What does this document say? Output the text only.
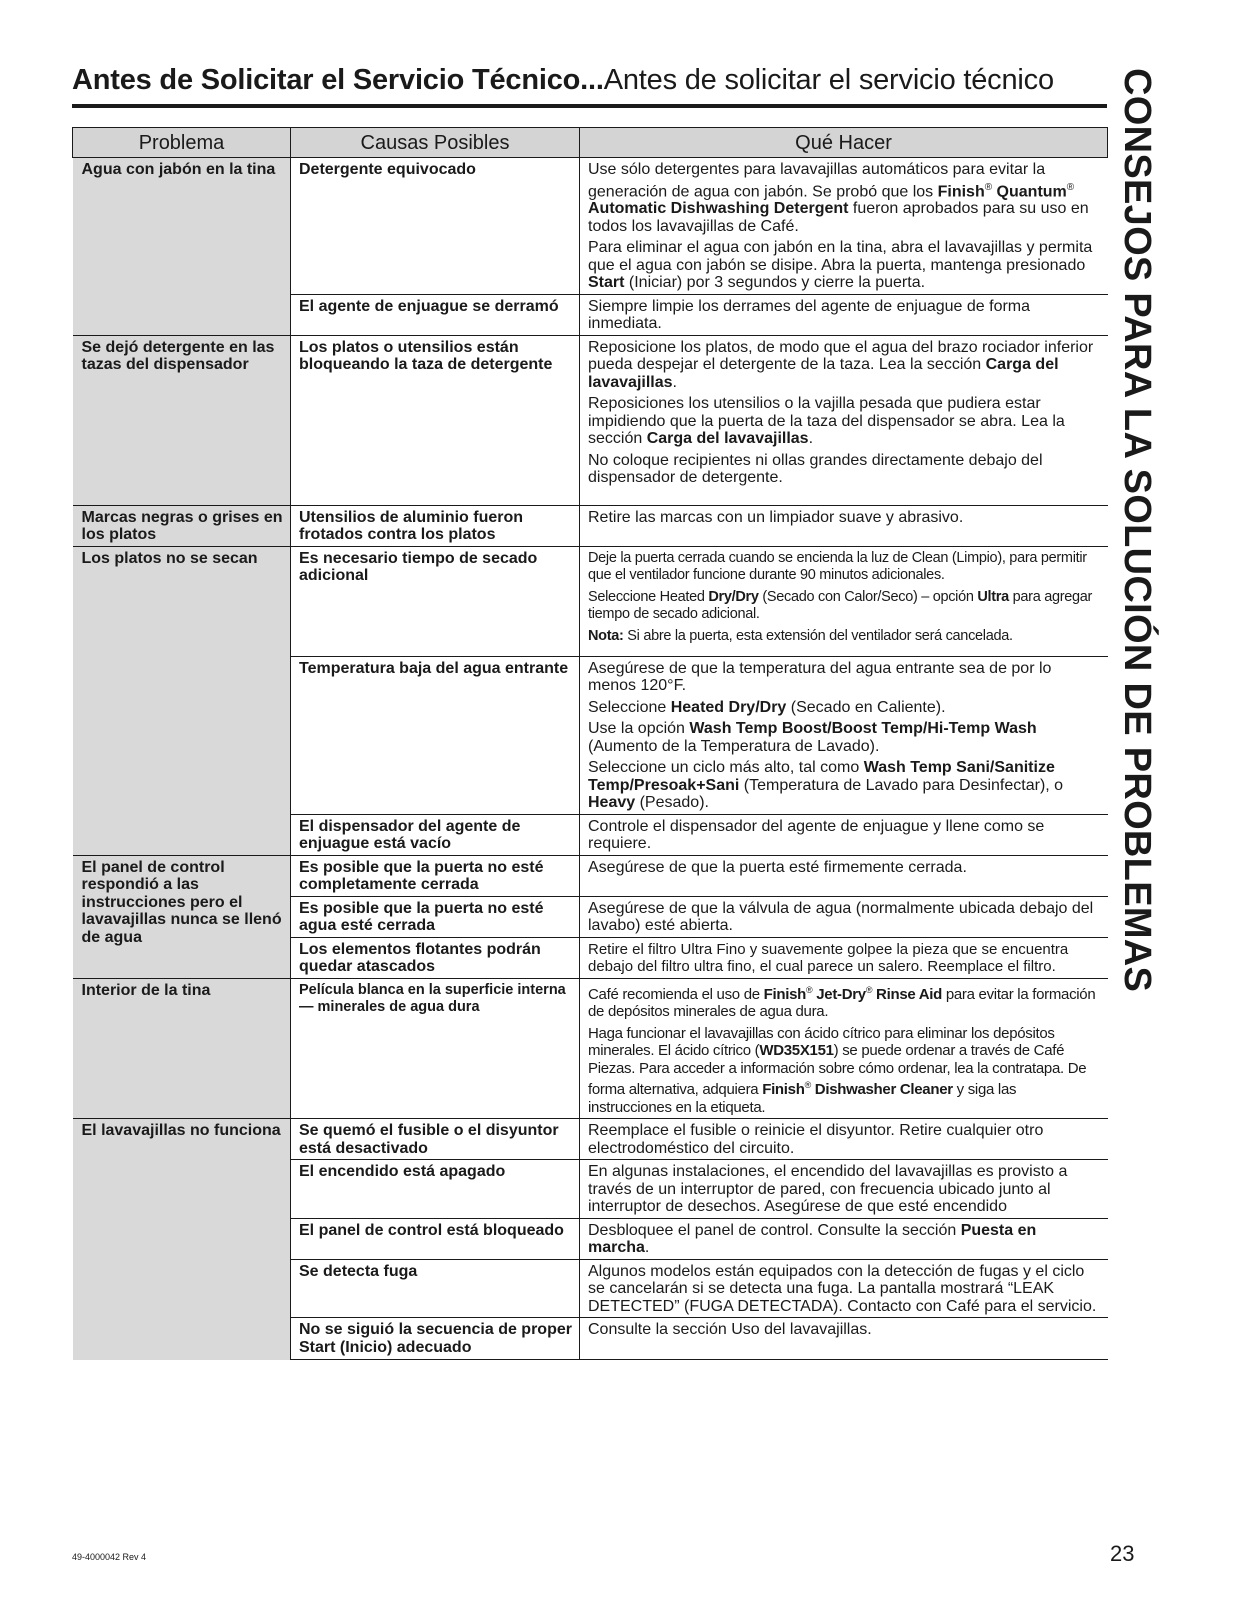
Antes de Solicitar el Servicio Técnico...Antes de solicitar el servicio técnico	CONSEJOS PARA LA SOLUCIÓN DE PROBLEMAS
Problema	Causas Posibles	Qué Hacer
Agua con jabón en la tina	Detergente equivocado	Use sólo detergentes para lavavajillas automáticos para evitar la generación de agua con jabón. Se probó que los Finish® Quantum® Automatic Dishwashing Detergent fueron aprobados para su uso en todos los lavavajillas de Café.

Para eliminar el agua con jabón en la tina, abra el lavavajillas y permita que el agua con jabón se disipe. Abra la puerta, mantenga presionado Start (Iniciar) por 3 segundos y cierre la puerta.

	El agente de enjuague se derramó	Siempre limpie los derrames del agente de enjuague de forma inmediata.
Se dejó detergente en las tazas del dispensador	Los platos o utensilios están bloqueando la taza de detergente	Reposicione los platos, de modo que el agua del brazo rociador inferior pueda despejar el detergente de la taza. Lea la sección Carga del lavavajillas.

Reposiciones los utensilios o la vajilla pesada que pudiera estar impidiendo que la puerta de la taza del dispensador se abra. Lea la sección Carga del lavavajillas.

No coloque recipientes ni ollas grandes directamente debajo del dispensador de detergente.

Marcas negras o grises en los platos	Utensilios de aluminio fueron frotados contra los platos	Retire las marcas con un limpiador suave y abrasivo.
Los platos no se secan	Es necesario tiempo de secado adicional	Deje la puerta cerrada cuando se encienda la luz de Clean (Limpio), para permitir que el ventilador funcione durante 90 minutos adicionales.

Seleccione Heated Dry/Dry (Secado con Calor/Seco) – opción Ultra para agregar tiempo de secado adicional.

Nota: Si abre la puerta, esta extensión del ventilador será cancelada.

	Temperatura baja del agua entrante	Asegúrese de que la temperatura del agua entrante sea de por lo menos 120°F.

Seleccione Heated Dry/Dry (Secado en Caliente).

Use la opción Wash Temp Boost/Boost Temp/Hi-Temp Wash (Aumento de la Temperatura de Lavado).

Seleccione un ciclo más alto, tal como Wash Temp Sani/Sanitize Temp/Presoak+Sani (Temperatura de Lavado para Desinfectar), o Heavy (Pesado).

	El dispensador del agente de enjuague está vacío	Controle el dispensador del agente de enjuague y llene como se requiere.
El panel de control respondió a las instrucciones pero el lavavajillas nunca se llenó de agua	Es posible que la puerta no esté completamente cerrada	Asegúrese de que la puerta esté firmemente cerrada.
	Es posible que la puerta no esté agua esté cerrada	Asegúrese de que la válvula de agua (normalmente ubicada debajo del lavabo) esté abierta.
	Los elementos flotantes podrán quedar atascados	Retire el filtro Ultra Fino y suavemente golpee la pieza que se encuentra debajo del filtro ultra fino, el cual parece un salero. Reemplace el filtro.
Interior de la tina	Película blanca en la superficie interna — minerales de agua dura	Café recomienda el uso de Finish® Jet-Dry® Rinse Aid para evitar la formación de depósitos minerales de agua dura.

Haga funcionar el lavavajillas con ácido cítrico para eliminar los depósitos minerales. El ácido cítrico (WD35X151) se puede ordenar a través de Café Piezas. Para acceder a información sobre cómo ordenar, lea la contratapa. De forma alternativa, adquiera Finish® Dishwasher Cleaner y siga las instrucciones en la etiqueta.

El lavavajillas no funciona	Se quemó el fusible o el disyuntor está desactivado	Reemplace el fusible o reinicie el disyuntor. Retire cualquier otro electrodoméstico del circuito.
	El encendido está apagado	En algunas instalaciones, el encendido del lavavajillas es provisto a través de un interruptor de pared, con frecuencia ubicado junto al interruptor de desechos. Asegúrese de que esté encendido
	El panel de control está bloqueado	Desbloquee el panel de control. Consulte la sección Puesta en marcha.
	Se detecta fuga	Algunos modelos están equipados con la detección de fugas y el ciclo se cancelarán si se detecta una fuga. La pantalla mostrará “LEAK DETECTED” (FUGA DETECTADA). Contacto con Café para el servicio.
	No se siguió la secuencia de proper Start (Inicio) adecuado	Consulte la sección Uso del lavavajillas.
49-4000042 Rev 4	23
